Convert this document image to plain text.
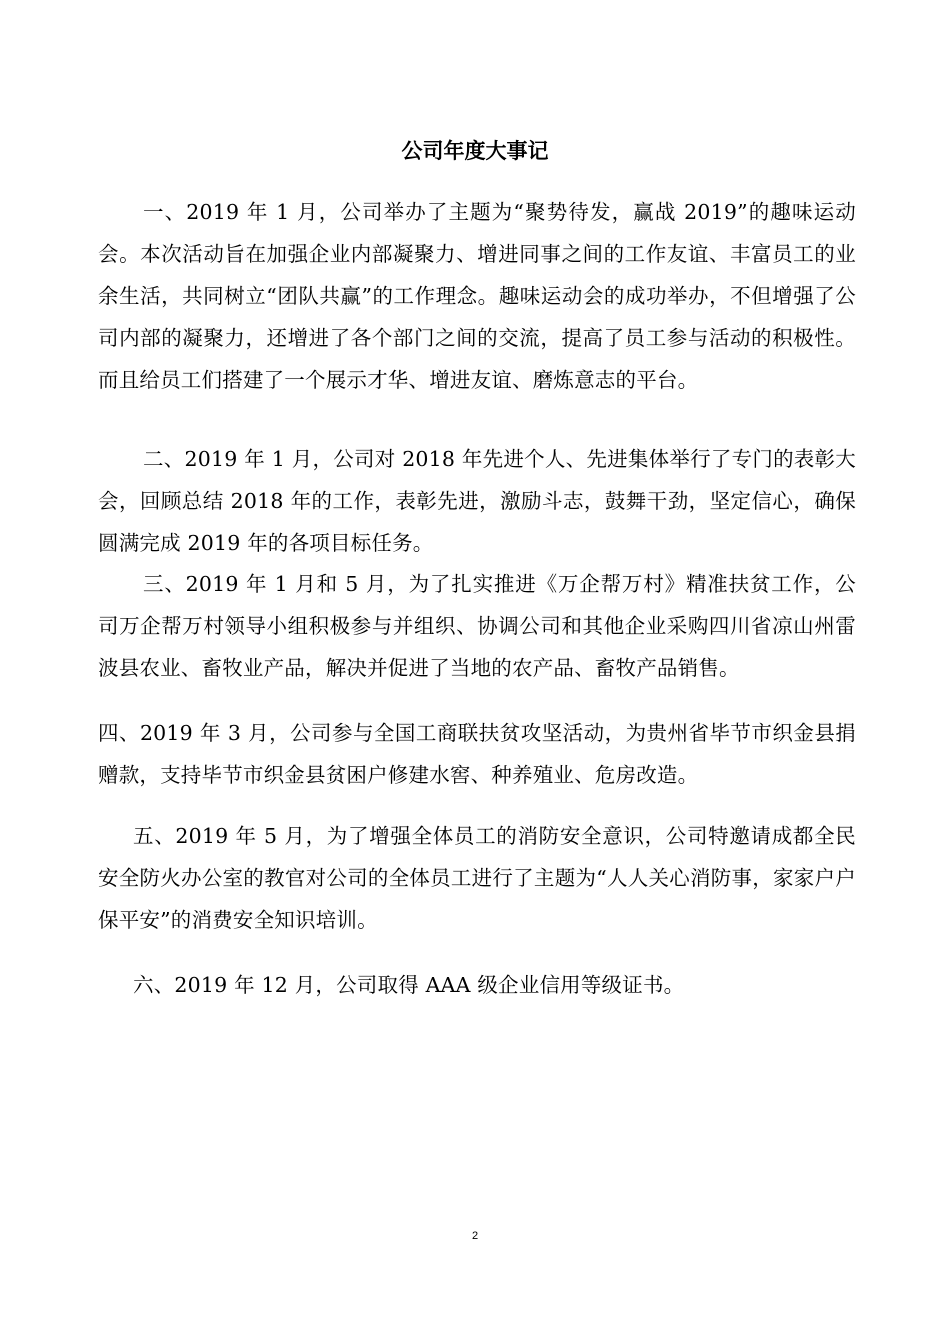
公司年度大事记

一、2019 年 1 月，公司举办了主题为“聚势待发，赢战 2019”的趣味运动会。本次活动旨在加强企业内部凝聚力、增进同事之间的工作友谊、丰富员工的业余生活，共同树立“团队共赢”的工作理念。趣味运动会的成功举办，不但增强了公司内部的凝聚力，还增进了各个部门之间的交流，提高了员工参与活动的积极性。而且给员工们搭建了一个展示才华、增进友谊、磨炼意志的平台。

二、2019 年 1 月，公司对 2018 年先进个人、先进集体举行了专门的表彰大会，回顾总结 2018 年的工作，表彰先进，激励斗志，鼓舞干劲，坚定信心，确保圆满完成 2019 年的各项目标任务。

三、2019 年 1 月和 5 月，为了扎实推进《万企帮万村》精准扶贫工作，公司万企帮万村领导小组积极参与并组织、协调公司和其他企业采购四川省凉山州雷波县农业、畜牧业产品，解决并促进了当地的农产品、畜牧产品销售。

四、2019 年 3 月，公司参与全国工商联扶贫攻坚活动，为贵州省毕节市织金县捐赠款，支持毕节市织金县贫困户修建水窖、种养殖业、危房改造。

五、2019 年 5 月，为了增强全体员工的消防安全意识，公司特邀请成都全民安全防火办公室的教官对公司的全体员工进行了主题为“人人关心消防事，家家户户保平安”的消费安全知识培训。

六、2019 年 12 月，公司取得 AAA 级企业信用等级证书。

2
